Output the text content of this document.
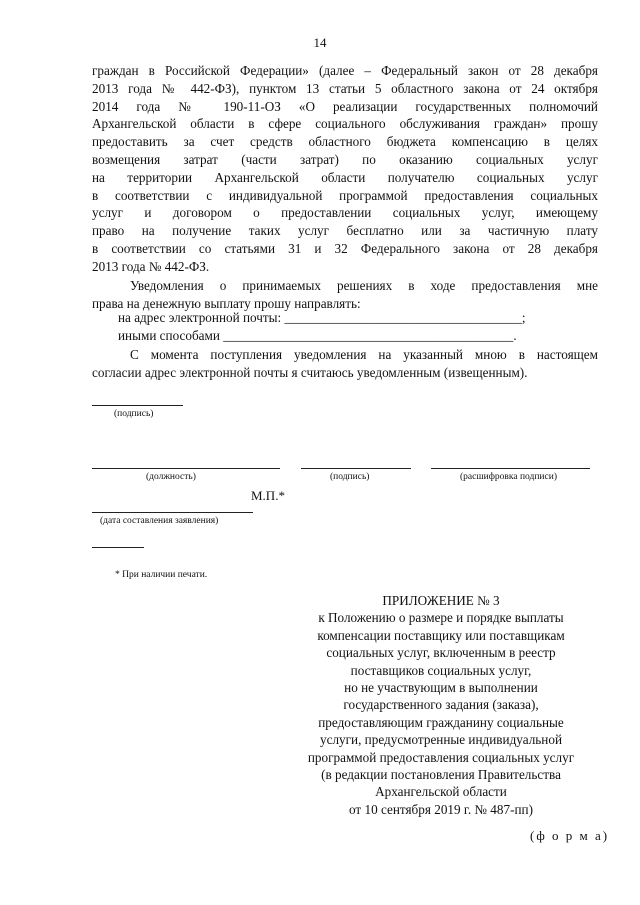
14
граждан в Российской Федерации» (далее – Федеральный закон от 28 декабря
2013 года № 442-ФЗ), пунктом 13 статьи 5 областного закона от 24 октября
2014 года № 190-11-ОЗ «О реализации государственных полномочий
Архангельской области в сфере социального обслуживания граждан» прошу
предоставить за счет средств областного бюджета компенсацию в целях
возмещения затрат (части затрат) по оказанию социальных услуг
на территории Архангельской области получателю социальных услуг
в соответствии с индивидуальной программой предоставления социальных
услуг и договором о предоставлении социальных услуг, имеющему
право на получение таких услуг бесплатно или за частичную плату
в соответствии со статьями 31 и 32 Федерального закона от 28 декабря
2013 года № 442-ФЗ.
Уведомления о принимаемых решениях в ходе предоставления мне
права на денежную выплату прошу направлять:
на адрес электронной почты: ____________________________________;
иными способами ____________________________________________.
С момента поступления уведомления на указанный мною в настоящем
согласии адрес электронной почты я считаюсь уведомленным (извещенным).
(подпись)
(должность)	(подпись)	(расшифровка подписи)
М.П.*
(дата составления заявления)
* При наличии печати.
ПРИЛОЖЕНИЕ № 3
к Положению о размере и порядке выплаты
компенсации поставщику или поставщикам
социальных услуг, включенным в реестр
поставщиков социальных услуг,
но не участвующим в выполнении
государственного задания (заказа),
предоставляющим гражданину социальные
услуги, предусмотренные индивидуальной
программой предоставления социальных услуг
(в редакции постановления Правительства
Архангельской области
от 10 сентября 2019 г. № 487-пп)
(ф о р м а)
